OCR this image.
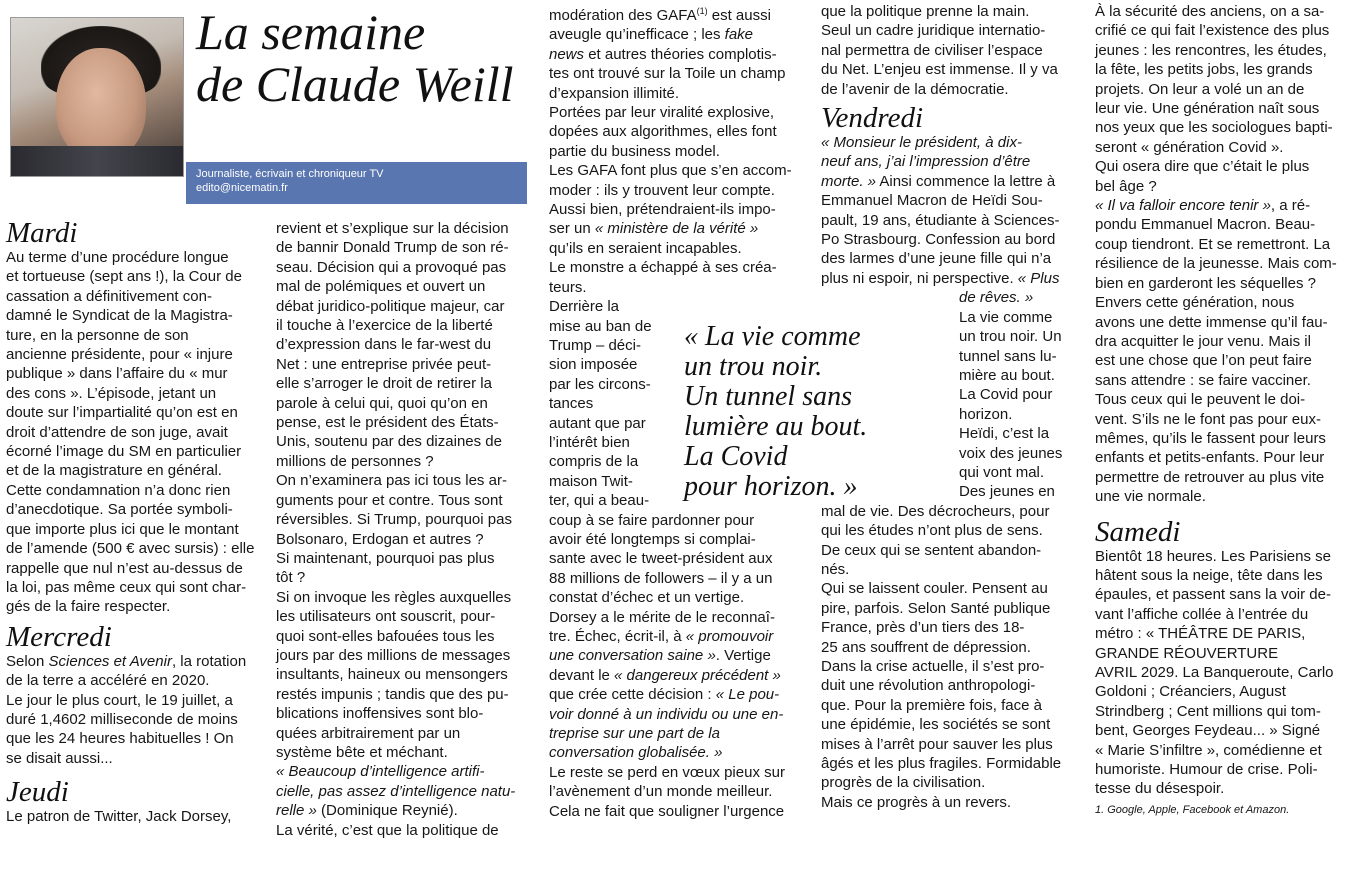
La semaine
de Claude Weill
Journaliste, écrivain et chroniqueur TV
edito@nicematin.fr

Mardi

Au terme d’une procédure longue

et tortueuse (sept ans !), la Cour de

cassation a définitivement con-

damné le Syndicat de la Magistra-

ture, en la personne de son

ancienne présidente, pour « injure

publique » dans l’affaire du « mur

des cons ». L’épisode, jetant un

doute sur l’impartialité qu’on est en

droit d’attendre de son juge, avait

écorné l’image du SM en particulier

et de la magistrature en général.

Cette condamnation n’a donc rien

d’anecdotique. Sa portée symboli-

que importe plus ici que le montant

de l’amende (500 € avec sursis) : elle

rappelle que nul n’est au-dessus de

la loi, pas même ceux qui sont char-

gés de la faire respecter.

Mercredi

Selon Sciences et Avenir, la rotation

de la terre a accéléré en 2020.

Le jour le plus court, le 19 juillet, a

duré 1,4602 milliseconde de moins

que les 24 heures habituelles ! On

se disait aussi...

Jeudi

Le patron de Twitter, Jack Dorsey,

revient et s’explique sur la décision

de bannir Donald Trump de son ré-

seau. Décision qui a provoqué pas

mal de polémiques et ouvert un

débat juridico-politique majeur, car

il touche à l’exercice de la liberté

d’expression dans le far-west du

Net : une entreprise privée peut-

elle s’arroger le droit de retirer la

parole à celui qui, quoi qu’on en

pense, est le président des États-

Unis, soutenu par des dizaines de

millions de personnes ?

On n’examinera pas ici tous les ar-

guments pour et contre. Tous sont

réversibles. Si Trump, pourquoi pas

Bolsonaro, Erdogan et autres ?

Si maintenant, pourquoi pas plus

tôt ?

Si on invoque les règles auxquelles

les utilisateurs ont souscrit, pour-

quoi sont-elles bafouées tous les

jours par des millions de messages

insultants, haineux ou mensongers

restés impunis ; tandis que des pu-

blications inoffensives sont blo-

quées arbitrairement par un

système bête et méchant.

« Beaucoup d’intelligence artifi-

cielle, pas assez d’intelligence natu-

relle » (Dominique Reynié).

La vérité, c’est que la politique de

modération des GAFA$^{(1)}$ est aussi

aveugle qu’inefficace ; les fake

news et autres théories complotis-

tes ont trouvé sur la Toile un champ

d’expansion illimité.

Portées par leur viralité explosive,

dopées aux algorithmes, elles font

partie du business model.

Les GAFA font plus que s’en accom-

moder : ils y trouvent leur compte.

Aussi bien, prétendraient-ils impo-

ser un « ministère de la vérité »

qu’ils en seraient incapables.

Le monstre a échappé à ses créa-

teurs.

Derrière la

mise au ban de

Trump – déci-

sion imposée

par les circons-

tances

autant que par

l’intérêt bien

compris de la

maison Twit-

ter, qui a beau-

coup à se faire pardonner pour

avoir été longtemps si complai-

sante avec le tweet-président aux

88 millions de followers – il y a un

constat d’échec et un vertige.

Dorsey a le mérite de le reconnaî-

tre. Échec, écrit-il, à « promouvoir

une conversation saine ». Vertige

devant le « dangereux précédent »

que crée cette décision : « Le pou-

voir donné à un individu ou une en-

treprise sur une part de la

conversation globalisée. »

Le reste se perd en vœux pieux sur

l’avènement d’un monde meilleur.

Cela ne fait que souligner l’urgence

« La vie comme
un trou noir.
Un tunnel sans
lumière au bout.
La Covid
pour horizon. »

que la politique prenne la main.

Seul un cadre juridique internatio-

nal permettra de civiliser l’espace

du Net. L’enjeu est immense. Il y va

de l’avenir de la démocratie.

Vendredi

« Monsieur le président, à dix-

neuf ans, j’ai l’impression d’être

morte. » Ainsi commence la lettre à

Emmanuel Macron de Heïdi Sou-

pault, 19 ans, étudiante à Sciences-

Po Strasbourg. Confession au bord

des larmes d’une jeune fille qui n’a

plus ni espoir, ni perspective. « Plus

de rêves. »

La vie comme

un trou noir. Un

tunnel sans lu-

mière au bout.

La Covid pour

horizon.

Heïdi, c’est la

voix des jeunes

qui vont mal.

Des jeunes en

mal de vie. Des décrocheurs, pour

qui les études n’ont plus de sens.

De ceux qui se sentent abandon-

nés.

Qui se laissent couler. Pensent au

pire, parfois. Selon Santé publique

France, près d’un tiers des 18-

25 ans souffrent de dépression.

Dans la crise actuelle, il s’est pro-

duit une révolution anthropologi-

que. Pour la première fois, face à

une épidémie, les sociétés se sont

mises à l’arrêt pour sauver les plus

âgés et les plus fragiles. Formidable

progrès de la civilisation.

Mais ce progrès à un revers.

À la sécurité des anciens, on a sa-

crifié ce qui fait l’existence des plus

jeunes : les rencontres, les études,

la fête, les petits jobs, les grands

projets. On leur a volé un an de

leur vie. Une génération naît sous

nos yeux que les sociologues bapti-

seront « génération Covid ».

Qui osera dire que c’était le plus

bel âge ?

« Il va falloir encore tenir », a ré-

pondu Emmanuel Macron. Beau-

coup tiendront. Et se remettront. La

résilience de la jeunesse. Mais com-

bien en garderont les séquelles ?

Envers cette génération, nous

avons une dette immense qu’il fau-

dra acquitter le jour venu. Mais il

est une chose que l’on peut faire

sans attendre : se faire vacciner.

Tous ceux qui le peuvent le doi-

vent. S’ils ne le font pas pour eux-

mêmes, qu’ils le fassent pour leurs

enfants et petits-enfants. Pour leur

permettre de retrouver au plus vite

une vie normale.

Samedi

Bientôt 18 heures. Les Parisiens se

hâtent sous la neige, tête dans les

épaules, et passent sans la voir de-

vant l’affiche collée à l’entrée du

métro : « THÉÂTRE DE PARIS,

GRANDE RÉOUVERTURE

AVRIL 2029. La Banqueroute, Carlo

Goldoni ; Créanciers, August

Strindberg ; Cent millions qui tom-

bent, Georges Feydeau... » Signé

« Marie S’infiltre », comédienne et

humoriste. Humour de crise. Poli-

tesse du désespoir.

1. Google, Apple, Facebook et Amazon.
